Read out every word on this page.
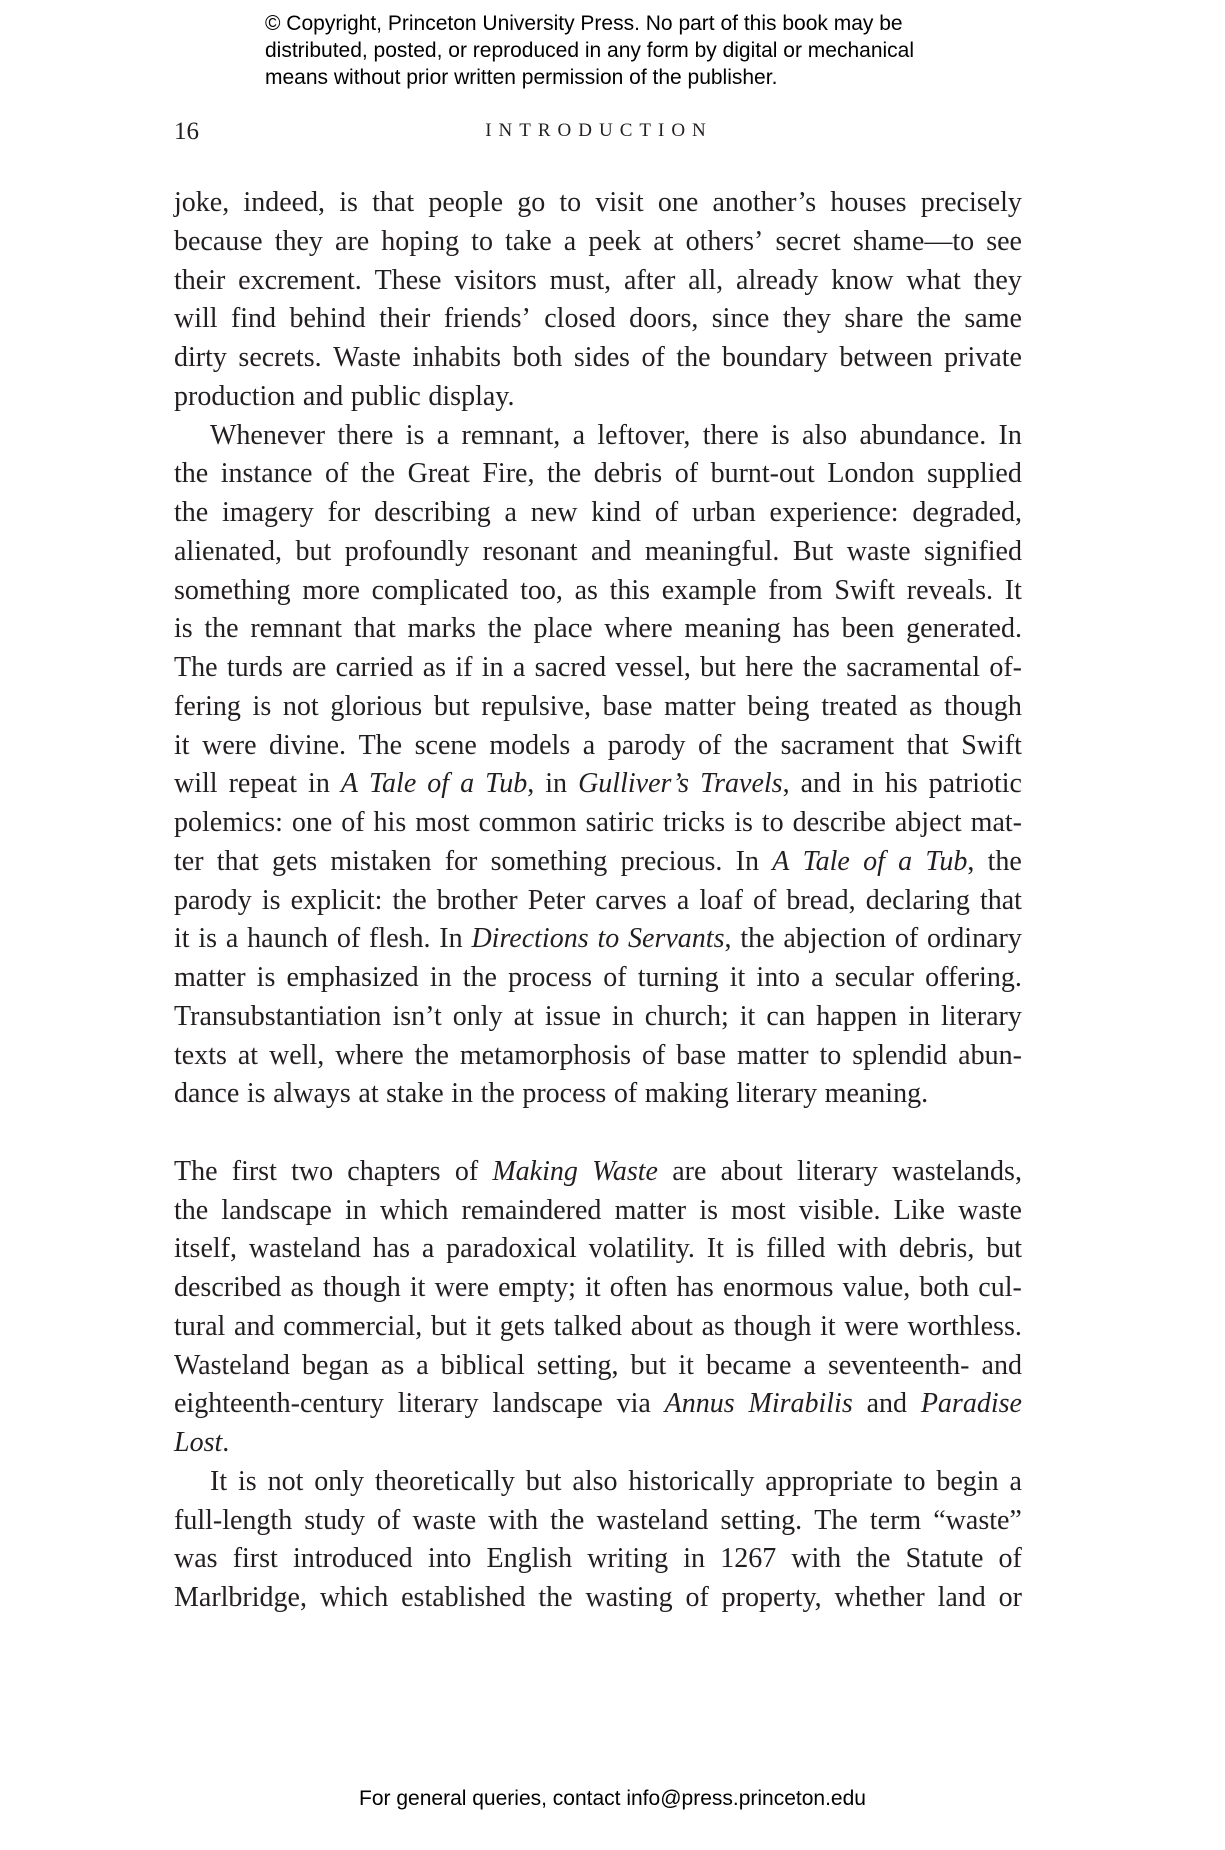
© Copyright, Princeton University Press. No part of this book may be
distributed, posted, or reproduced in any form by digital or mechanical
means without prior written permission of the publisher.
16	INTRODUCTION
joke, indeed, is that people go to visit one another’s houses precisely
because they are hoping to take a peek at others’ secret shame—to see
their excrement. These visitors must, after all, already know what they
will find behind their friends’ closed doors, since they share the same
dirty secrets. Waste inhabits both sides of the boundary between private
production and public display.
Whenever there is a remnant, a leftover, there is also abundance. In
the instance of the Great Fire, the debris of burnt-out London supplied
the imagery for describing a new kind of urban experience: degraded,
alienated, but profoundly resonant and meaningful. But waste signified
something more complicated too, as this example from Swift reveals. It
is the remnant that marks the place where meaning has been generated.
The turds are carried as if in a sacred vessel, but here the sacramental of-
fering is not glorious but repulsive, base matter being treated as though
it were divine. The scene models a parody of the sacrament that Swift
will repeat in A Tale of a Tub, in Gulliver’s Travels, and in his patriotic
polemics: one of his most common satiric tricks is to describe abject mat-
ter that gets mistaken for something precious. In A Tale of a Tub, the
parody is explicit: the brother Peter carves a loaf of bread, declaring that
it is a haunch of flesh. In Directions to Servants, the abjection of ordinary
matter is emphasized in the process of turning it into a secular offering.
Transubstantiation isn’t only at issue in church; it can happen in literary
texts at well, where the metamorphosis of base matter to splendid abun-
dance is always at stake in the process of making literary meaning.
The first two chapters of Making Waste are about literary wastelands,
the landscape in which remaindered matter is most visible. Like waste
itself, wasteland has a paradoxical volatility. It is filled with debris, but
described as though it were empty; it often has enormous value, both cul-
tural and commercial, but it gets talked about as though it were worthless.
Wasteland began as a biblical setting, but it became a seventeenth- and
eighteenth-century literary landscape via Annus Mirabilis and Paradise
Lost.
It is not only theoretically but also historically appropriate to begin a
full-length study of waste with the wasteland setting. The term “waste”
was first introduced into English writing in 1267 with the Statute of
Marlbridge, which established the wasting of property, whether land or
For general queries, contact info@press.princeton.edu
